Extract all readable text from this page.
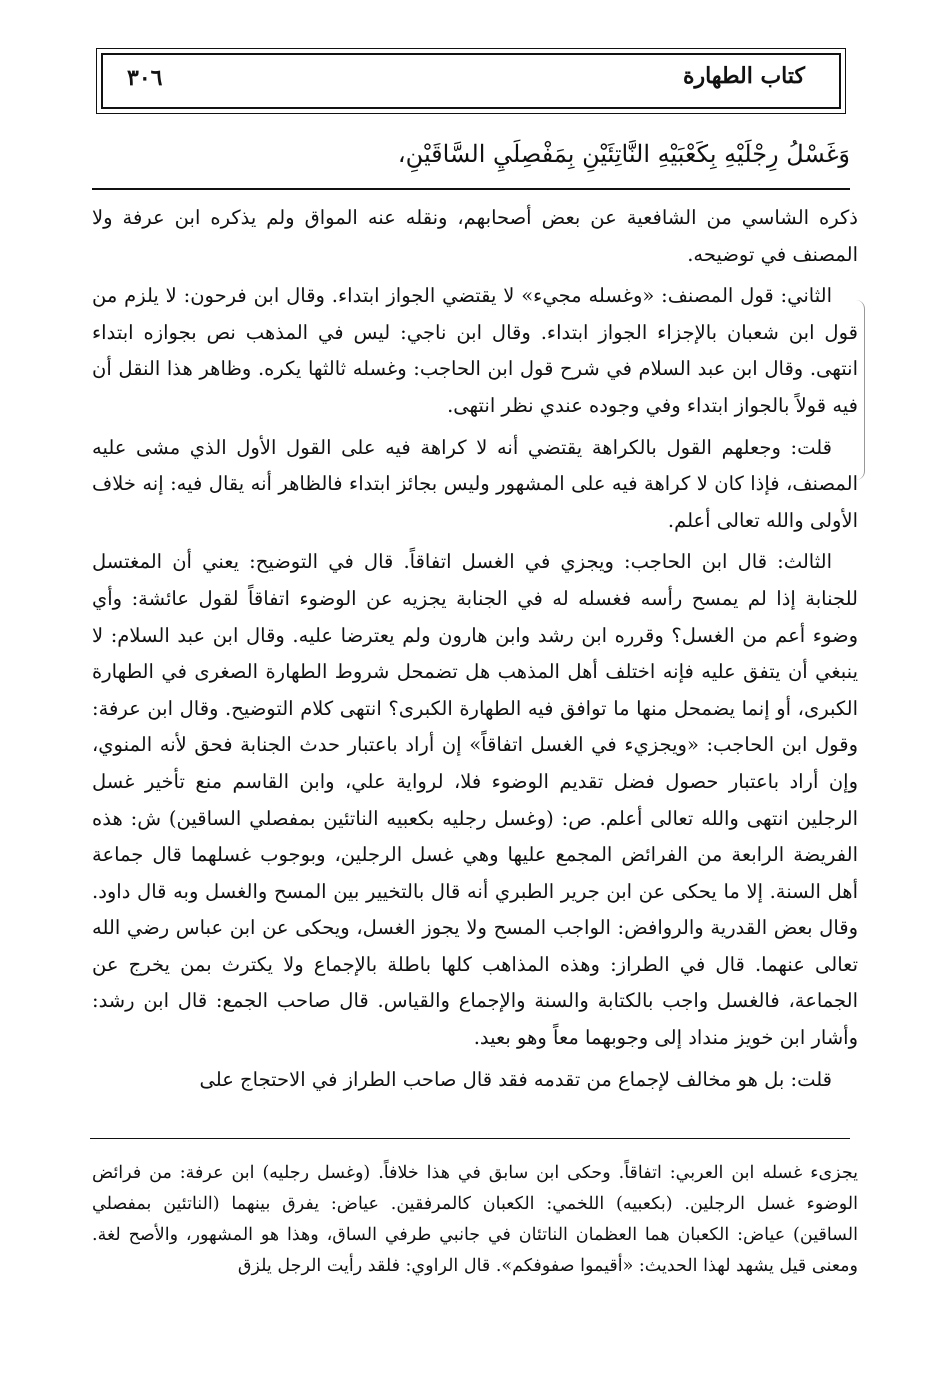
كتاب الطهارة
٣٠٦
وَغَسْلُ رِجْلَيْهِ بِكَعْبَيْهِ النَّاتِئَيْنِ بِمَفْصِلَيِ السَّاقَيْنِ،

ذكره الشاسي من الشافعية عن بعض أصحابهم، ونقله عنه المواق ولم يذكره ابن عرفة ولا المصنف في توضيحه.

الثاني: قول المصنف: «وغسله مجيء» لا يقتضي الجواز ابتداء. وقال ابن فرحون: لا يلزم من قول ابن شعبان بالإجزاء الجواز ابتداء. وقال ابن ناجي: ليس في المذهب نص بجوازه ابتداء انتهى. وقال ابن عبد السلام في شرح قول ابن الحاجب: وغسله ثالثها يكره. وظاهر هذا النقل أن فيه قولاً بالجواز ابتداء وفي وجوده عندي نظر انتهى.

قلت: وجعلهم القول بالكراهة يقتضي أنه لا كراهة فيه على القول الأول الذي مشى عليه المصنف، فإذا كان لا كراهة فيه على المشهور وليس بجائز ابتداء فالظاهر أنه يقال فيه: إنه خلاف الأولى والله تعالى أعلم.

الثالث: قال ابن الحاجب: ويجزي في الغسل اتفاقاً. قال في التوضيح: يعني أن المغتسل للجنابة إذا لم يمسح رأسه فغسله له في الجنابة يجزيه عن الوضوء اتفاقاً لقول عائشة: وأي وضوء أعم من الغسل؟ وقرره ابن رشد وابن هارون ولم يعترضا عليه. وقال ابن عبد السلام: لا ينبغي أن يتفق عليه فإنه اختلف أهل المذهب هل تضمحل شروط الطهارة الصغرى في الطهارة الكبرى، أو إنما يضمحل منها ما توافق فيه الطهارة الكبرى؟ انتهى كلام التوضيح. وقال ابن عرفة: وقول ابن الحاجب: «ويجزيء في الغسل اتفاقاً» إن أراد باعتبار حدث الجنابة فحق لأنه المنوي، وإن أراد باعتبار حصول فضل تقديم الوضوء فلا، لرواية علي، وابن القاسم منع تأخير غسل الرجلين انتهى والله تعالى أعلم. ص: (وغسل رجليه بكعبيه الناتئين بمفصلي الساقين) ش: هذه الفريضة الرابعة من الفرائض المجمع عليها وهي غسل الرجلين، وبوجوب غسلهما قال جماعة أهل السنة. إلا ما يحكى عن ابن جرير الطبري أنه قال بالتخيير بين المسح والغسل وبه قال داود. وقال بعض القدرية والروافض: الواجب المسح ولا يجوز الغسل، ويحكى عن ابن عباس رضي الله تعالى عنهما. قال في الطراز: وهذه المذاهب كلها باطلة بالإجماع ولا يكترث بمن يخرج عن الجماعة، فالغسل واجب بالكتابة والسنة والإجماع والقياس. قال صاحب الجمع: قال ابن رشد: وأشار ابن خويز منداد إلى وجوبهما معاً وهو بعيد.

قلت: بل هو مخالف لإجماع من تقدمه فقد قال صاحب الطراز في الاحتجاج على

يجزىء غسله ابن العربي: اتفاقاً. وحكى ابن سابق في هذا خلافاً. (وغسل رجليه) ابن عرفة: من فرائض الوضوء غسل الرجلين. (بكعبيه) اللخمي: الكعبان كالمرفقين. عياض: يفرق بينهما (الناتئين بمفصلي الساقين) عياض: الكعبان هما العظمان الناتئان في جانبي طرفي الساق، وهذا هو المشهور، والأصح لغة. ومعنى قيل يشهد لهذا الحديث: «أقيموا صفوفكم». قال الراوي: فلقد رأيت الرجل يلزق
